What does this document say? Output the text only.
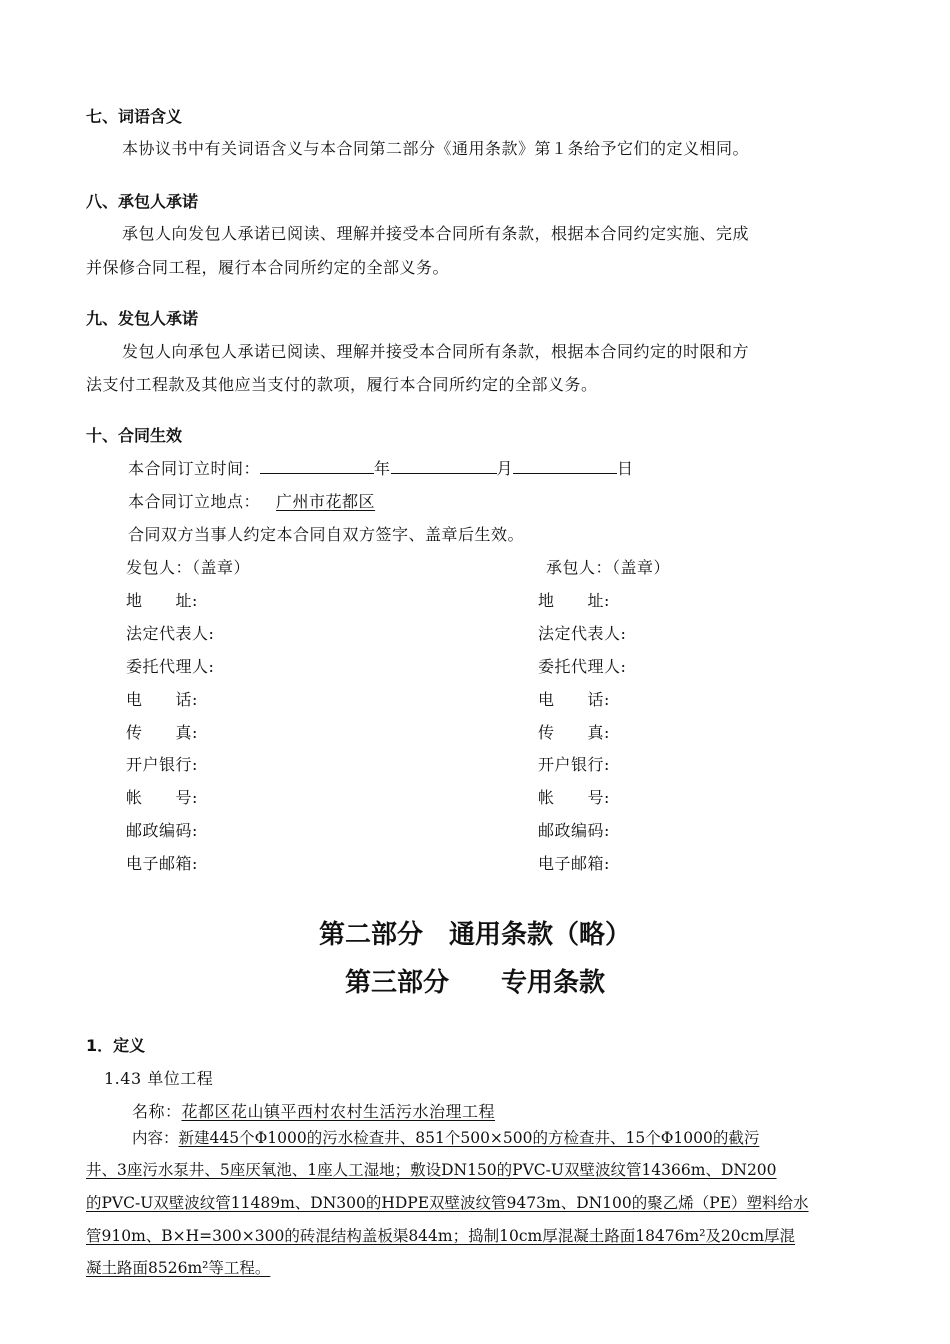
七、词语含义
本协议书中有关词语含义与本合同第二部分《通用条款》第１条给予它们的定义相同。
八、承包人承诺
承包人向发包人承诺已阅读、理解并接受本合同所有条款，根据本合同约定实施、完成
并保修合同工程，履行本合同所约定的全部义务。
九、发包人承诺
发包人向承包人承诺已阅读、理解并接受本合同所有条款，根据本合同约定的时限和方
法支付工程款及其他应当支付的款项，履行本合同所约定的全部义务。
十、合同生效
本合同订立时间：	年	月	日
本合同订立地点： 广州市花都区
合同双方当事人约定本合同自双方签字、盖章后生效。
发包人：（盖章）	承包人：（盖章）
地　　址:	地　　址:
法定代表人:	法定代表人:
委托代理人:	委托代理人:
电　　话:	电　　话:
传　　真:	传　　真:
开户银行:	开户银行:
帐　　号:	帐　　号:
邮政编码:	邮政编码:
电子邮箱:	电子邮箱:
第二部分　通用条款（略）
第三部分　　专用条款
1．定义
1.43 单位工程
名称：花都区花山镇平西村农村生活污水治理工程
内容：新建445个Φ1000的污水检查井、851个500×500的方检查井、15个Φ1000的截污
井、3座污水泵井、5座厌氧池、1座人工湿地；敷设DN150的PVC-U双壁波纹管14366m、DN200
的PVC-U双壁波纹管11489m、DN300的HDPE双壁波纹管9473m、DN100的聚乙烯（PE）塑料给水
管910m、B×H=300×300的砖混结构盖板渠844m；捣制10cm厚混凝土路面18476m²及20cm厚混
凝土路面8526m²等工程。
